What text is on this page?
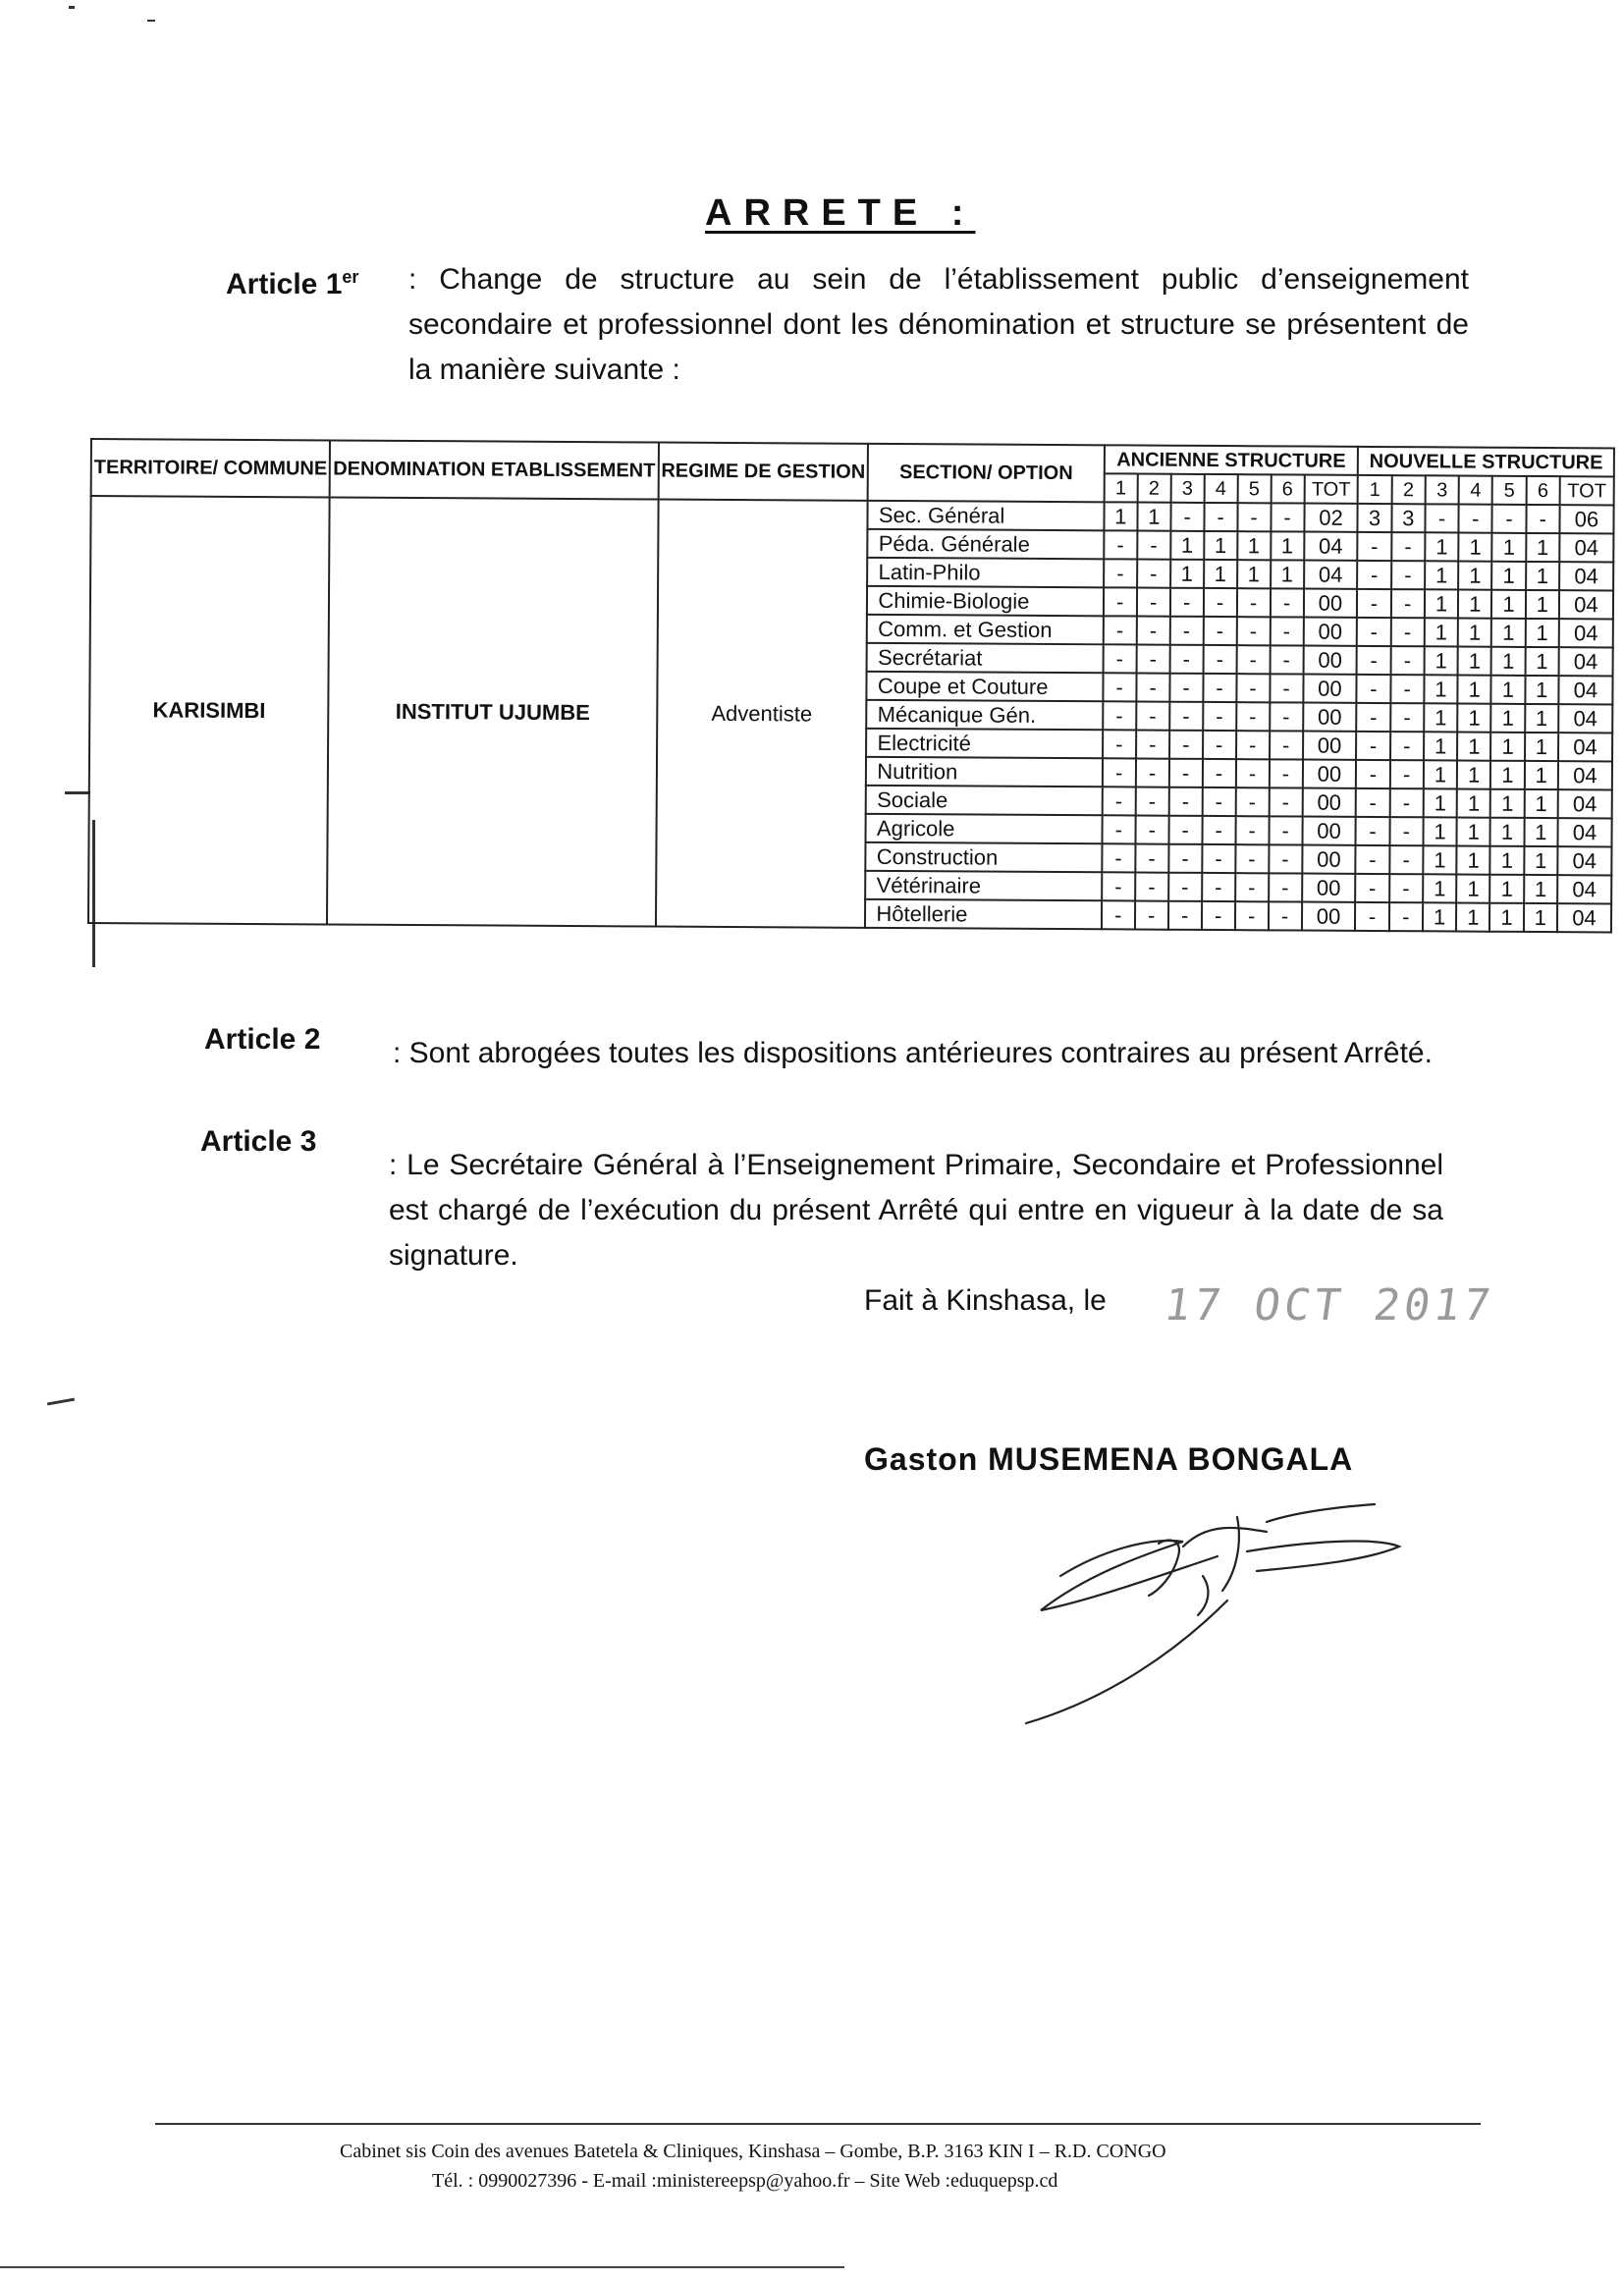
ARRETE :
Article 1er : Change de structure au sein de l’établissement public d’enseignement secondaire et professionnel dont les dénomination et structure se présentent de la manière suivante :
TERRITOIRE/ COMMUNE	DENOMINATION ETABLISSEMENT	REGIME DE GESTION	SECTION/ OPTION	ANCIENNE STRUCTURE							NOUVELLE STRUCTURE						
				1	2	3	4	5	6	TOT	1	2	3	4	5	6	TOT
KARISIMBI	INSTITUT UJUMBE	Adventiste	Sec. Général	1	1	-	-	-	-	02	3	3	-	-	-	-	06
			Péda. Générale	-	-	1	1	1	1	04	-	-	1	1	1	1	04
			Latin-Philo	-	-	1	1	1	1	04	-	-	1	1	1	1	04
			Chimie-Biologie	-	-	-	-	-	-	00	-	-	1	1	1	1	04
			Comm. et Gestion	-	-	-	-	-	-	00	-	-	1	1	1	1	04
			Secrétariat	-	-	-	-	-	-	00	-	-	1	1	1	1	04
			Coupe et Couture	-	-	-	-	-	-	00	-	-	1	1	1	1	04
			Mécanique Gén.	-	-	-	-	-	-	00	-	-	1	1	1	1	04
			Electricité	-	-	-	-	-	-	00	-	-	1	1	1	1	04
			Nutrition	-	-	-	-	-	-	00	-	-	1	1	1	1	04
			Sociale	-	-	-	-	-	-	00	-	-	1	1	1	1	04
			Agricole	-	-	-	-	-	-	00	-	-	1	1	1	1	04
			Construction	-	-	-	-	-	-	00	-	-	1	1	1	1	04
			Vétérinaire	-	-	-	-	-	-	00	-	-	1	1	1	1	04
			Hôtellerie	-	-	-	-	-	-	00	-	-	1	1	1	1	04
Article 2 : Sont abrogées toutes les dispositions antérieures contraires au présent Arrêté.
Article 3
: Le Secrétaire Général à l’Enseignement Primaire, Secondaire et Professionnel est chargé de l’exécution du présent Arrêté qui entre en vigueur à la date de sa signature.
Fait à Kinshasa, le 17 OCT 2017
Gaston MUSEMENA BONGALA
Cabinet sis Coin des avenues Batetela & Cliniques, Kinshasa – Gombe, B.P. 3163 KIN I – R.D. CONGO
Tél. : 0990027396 - E-mail :ministereepsp@yahoo.fr – Site Web :eduquepsp.cd
